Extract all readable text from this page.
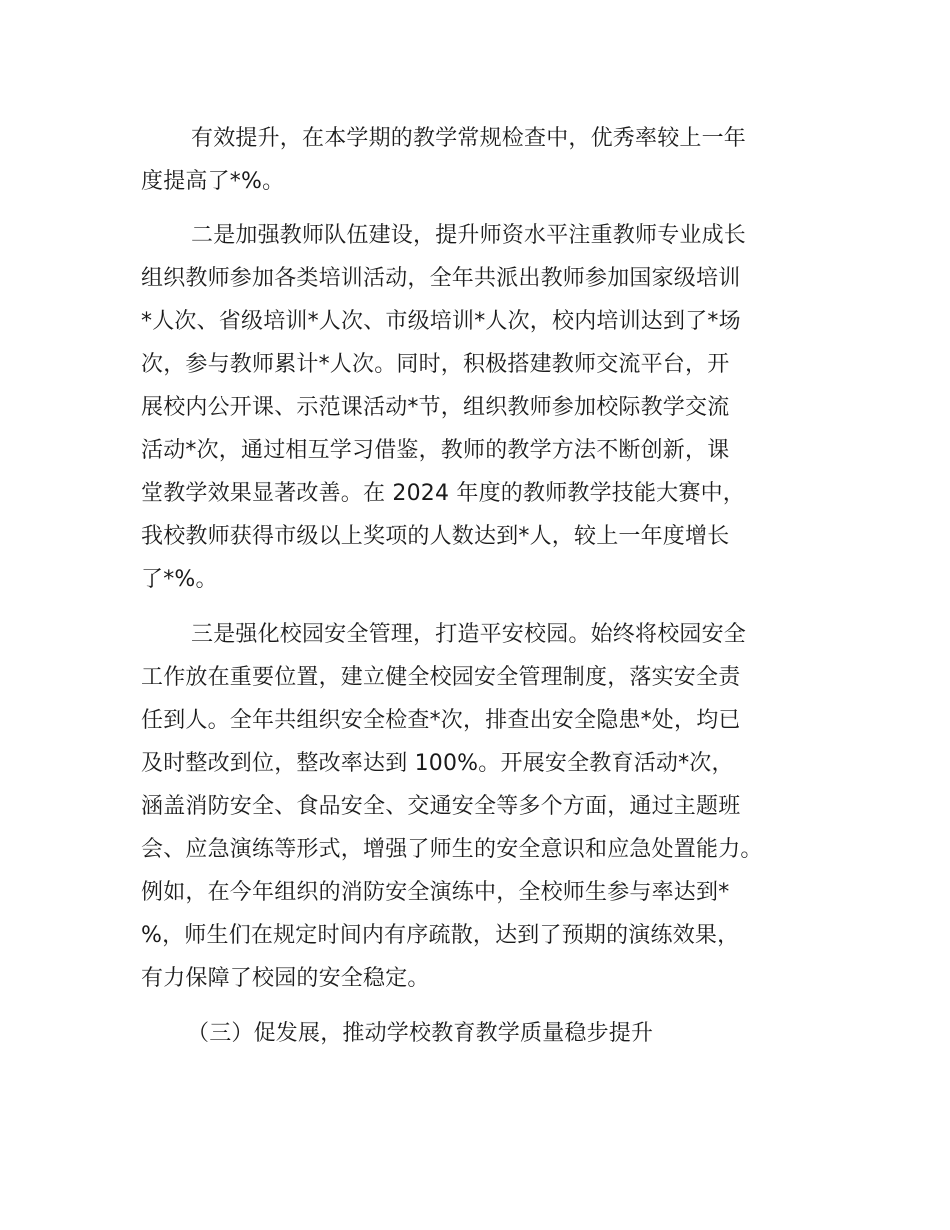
有效提升，在本学期的教学常规检查中，优秀率较上一年
度提高了*%。
二是加强教师队伍建设，提升师资水平注重教师专业成长
组织教师参加各类培训活动，全年共派出教师参加国家级培训
*人次、省级培训*人次、市级培训*人次，校内培训达到了*场
次，参与教师累计*人次。同时，积极搭建教师交流平台，开
展校内公开课、示范课活动*节，组织教师参加校际教学交流
活动*次，通过相互学习借鉴，教师的教学方法不断创新，课
堂教学效果显著改善。在 2024 年度的教师教学技能大赛中，
我校教师获得市级以上奖项的人数达到*人，较上一年度增长
了*%。
三是强化校园安全管理，打造平安校园。始终将校园安全
工作放在重要位置，建立健全校园安全管理制度，落实安全责
任到人。全年共组织安全检查*次，排查出安全隐患*处，均已
及时整改到位，整改率达到 100%。开展安全教育活动*次，
涵盖消防安全、食品安全、交通安全等多个方面，通过主题班
会、应急演练等形式，增强了师生的安全意识和应急处置能力。
例如，在今年组织的消防安全演练中，全校师生参与率达到*
%，师生们在规定时间内有序疏散，达到了预期的演练效果，
有力保障了校园的安全稳定。
（三）促发展，推动学校教育教学质量稳步提升
